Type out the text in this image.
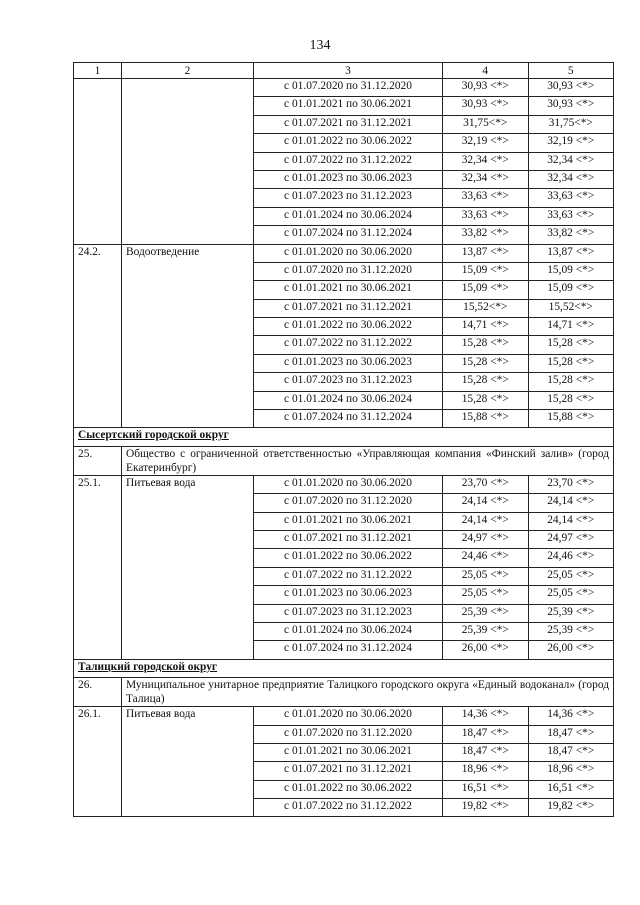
134
1	2	3	4	5
		с 01.07.2020 по 31.12.2020	30,93 <*>	30,93 <*>
		с 01.01.2021 по 30.06.2021	30,93 <*>	30,93 <*>
		с 01.07.2021 по 31.12.2021	31,75<*>	31,75<*>
		с 01.01.2022 по 30.06.2022	32,19 <*>	32,19 <*>
		с 01.07.2022 по 31.12.2022	32,34 <*>	32,34 <*>
		с 01.01.2023 по 30.06.2023	32,34 <*>	32,34 <*>
		с 01.07.2023 по 31.12.2023	33,63 <*>	33,63 <*>
		с 01.01.2024 по 30.06.2024	33,63 <*>	33,63 <*>
		с 01.07.2024 по 31.12.2024	33,82 <*>	33,82 <*>
24.2.	Водоотведение	с 01.01.2020 по 30.06.2020	13,87 <*>	13,87 <*>
		с 01.07.2020 по 31.12.2020	15,09 <*>	15,09 <*>
		с 01.01.2021 по 30.06.2021	15,09 <*>	15,09 <*>
		с 01.07.2021 по 31.12.2021	15,52<*>	15,52<*>
		с 01.01.2022 по 30.06.2022	14,71 <*>	14,71 <*>
		с 01.07.2022 по 31.12.2022	15,28 <*>	15,28 <*>
		с 01.01.2023 по 30.06.2023	15,28 <*>	15,28 <*>
		с 01.07.2023 по 31.12.2023	15,28 <*>	15,28 <*>
		с 01.01.2024 по 30.06.2024	15,28 <*>	15,28 <*>
		с 01.07.2024 по 31.12.2024	15,88 <*>	15,88 <*>
Сысертский городской округ				
25.	Общество с ограниченной ответственностью «Управляющая компания «Финский залив» (город Екатеринбург)			
25.1.	Питьевая вода	с 01.01.2020 по 30.06.2020	23,70 <*>	23,70 <*>
		с 01.07.2020 по 31.12.2020	24,14 <*>	24,14 <*>
		с 01.01.2021 по 30.06.2021	24,14 <*>	24,14 <*>
		с 01.07.2021 по 31.12.2021	24,97 <*>	24,97 <*>
		с 01.01.2022 по 30.06.2022	24,46 <*>	24,46 <*>
		с 01.07.2022 по 31.12.2022	25,05 <*>	25,05 <*>
		с 01.01.2023 по 30.06.2023	25,05 <*>	25,05 <*>
		с 01.07.2023 по 31.12.2023	25,39 <*>	25,39 <*>
		с 01.01.2024 по 30.06.2024	25,39 <*>	25,39 <*>
		с 01.07.2024 по 31.12.2024	26,00 <*>	26,00 <*>
Талицкий городской округ				
26.	Муниципальное унитарное предприятие Талицкого городского округа «Единый водоканал» (город Талица)			
26.1.	Питьевая вода	с 01.01.2020 по 30.06.2020	14,36 <*>	14,36 <*>
		с 01.07.2020 по 31.12.2020	18,47 <*>	18,47 <*>
		с 01.01.2021 по 30.06.2021	18,47 <*>	18,47 <*>
		с 01.07.2021 по 31.12.2021	18,96 <*>	18,96 <*>
		с 01.01.2022 по 30.06.2022	16,51 <*>	16,51 <*>
		с 01.07.2022 по 31.12.2022	19,82 <*>	19,82 <*>
